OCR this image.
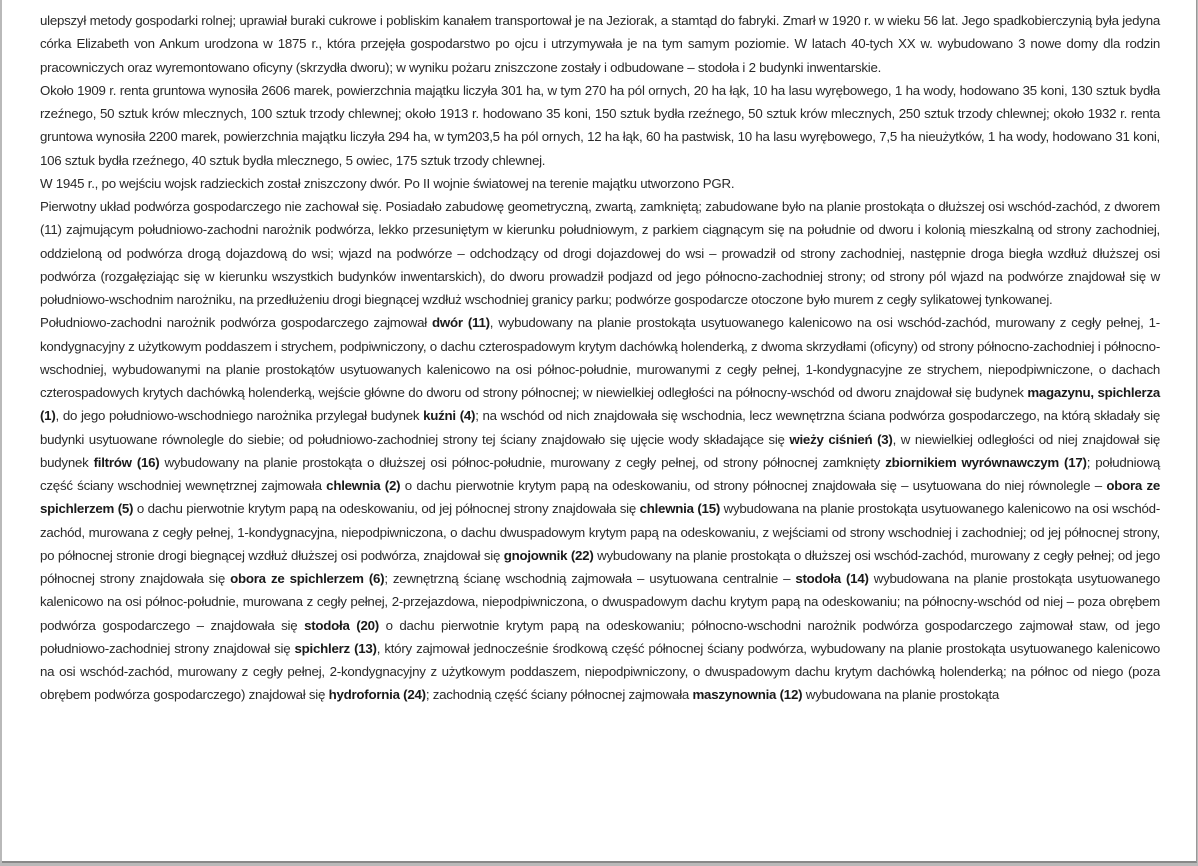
ulepszył metody gospodarki rolnej; uprawiał buraki cukrowe i pobliskim kanałem transportował je na Jeziorak, a stamtąd do fabryki. Zmarł w 1920 r. w wieku 56 lat. Jego spadkobierczynią była jedyna córka Elizabeth von Ankum urodzona w 1875 r., która przejęła gospodarstwo po ojcu i utrzymywała je na tym samym poziomie. W latach 40-tych XX w. wybudowano 3 nowe domy dla rodzin pracowniczych oraz wyremontowano oficyny (skrzydła dworu); w wyniku pożaru zniszczone zostały i odbudowane – stodoła i 2 budynki inwentarskie.

Około 1909 r. renta gruntowa wynosiła 2606 marek, powierzchnia majątku liczyła 301 ha, w tym 270 ha pól ornych, 20 ha łąk, 10 ha lasu wyrębowego, 1 ha wody, hodowano 35 koni, 130 sztuk bydła rzeźnego, 50 sztuk krów mlecznych, 100 sztuk trzody chlewnej; około 1913 r. hodowano 35 koni, 150 sztuk bydła rzeźnego, 50 sztuk krów mlecznych, 250 sztuk trzody chlewnej; około 1932 r. renta gruntowa wynosiła 2200 marek, powierzchnia majątku liczyła 294 ha, w tym203,5 ha pól ornych, 12 ha łąk, 60 ha pastwisk, 10 ha lasu wyrębowego, 7,5 ha nieużytków, 1 ha wody, hodowano 31 koni, 106 sztuk bydła rzeźnego, 40 sztuk bydła mlecznego, 5 owiec, 175 sztuk trzody chlewnej.

W 1945 r., po wejściu wojsk radzieckich został zniszczony dwór. Po II wojnie światowej na terenie majątku utworzono PGR.

Pierwotny układ podwórza gospodarczego nie zachował się. Posiadało zabudowę geometryczną, zwartą, zamkniętą; zabudowane było na planie prostokąta o dłuższej osi wschód-zachód, z dworem (11) zajmującym południowo-zachodni narożnik podwórza, lekko przesuniętym w kierunku południowym, z parkiem ciągnącym się na południe od dworu i kolonią mieszkalną od strony zachodniej, oddzieloną od podwórza drogą dojazdową do wsi; wjazd na podwórze – odchodzący od drogi dojazdowej do wsi – prowadził od strony zachodniej, następnie droga biegła wzdłuż dłuższej osi podwórza (rozgałęziając się w kierunku wszystkich budynków inwentarskich), do dworu prowadził podjazd od jego północno-zachodniej strony; od strony pól wjazd na podwórze znajdował się w południowo-wschodnim narożniku, na przedłużeniu drogi biegnącej wzdłuż wschodniej granicy parku; podwórze gospodarcze otoczone było murem z cegły sylikatowej tynkowanej.

Południowo-zachodni narożnik podwórza gospodarczego zajmował dwór (11), wybudowany na planie prostokąta usytuowanego kalenicowo na osi wschód-zachód, murowany z cegły pełnej, 1-kondygnacyjny z użytkowym poddaszem i strychem, podpiwniczony, o dachu czterospadowym krytym dachówką holenderką, z dwoma skrzydłami (oficyny) od strony północno-zachodniej i północno-wschodniej, wybudowanymi na planie prostokątów usytuowanych kalenicowo na osi północ-południe, murowanymi z cegły pełnej, 1-kondygnacyjne ze strychem, niepodpiwniczone, o dachach czterospadowych krytych dachówką holenderką, wejście główne do dworu od strony północnej; w niewielkiej odległości na północny-wschód od dworu znajdował się budynek magazynu, spichlerza (1), do jego południowo-wschodniego narożnika przylegał budynek kuźni (4); na wschód od nich znajdowała się wschodnia, lecz wewnętrzna ściana podwórza gospodarczego, na którą składały się budynki usytuowane równolegle do siebie; od południowo-zachodniej strony tej ściany znajdowało się ujęcie wody składające się wieży ciśnień (3), w niewielkiej odległości od niej znajdował się budynek filtrów (16) wybudowany na planie prostokąta o dłuższej osi północ-południe, murowany z cegły pełnej, od strony północnej zamknięty zbiornikiem wyrównawczym (17); południową część ściany wschodniej wewnętrznej zajmowała chlewnia (2) o dachu pierwotnie krytym papą na odeskowaniu, od strony północnej znajdowała się – usytuowana do niej równolegle – obora ze spichlerzem (5) o dachu pierwotnie krytym papą na odeskowaniu, od jej północnej strony znajdowała się chlewnia (15) wybudowana na planie prostokąta usytuowanego kalenicowo na osi wschód-zachód, murowana z cegły pełnej, 1-kondygnacyjna, niepodpiwniczona, o dachu dwuspadowym krytym papą na odeskowaniu, z wejściami od strony wschodniej i zachodniej; od jej północnej strony, po północnej stronie drogi biegnącej wzdłuż dłuższej osi podwórza, znajdował się gnojownik (22) wybudowany na planie prostokąta o dłuższej osi wschód-zachód, murowany z cegły pełnej; od jego północnej strony znajdowała się obora ze spichlerzem (6); zewnętrzną ścianę wschodnią zajmowała – usytuowana centralnie – stodoła (14) wybudowana na planie prostokąta usytuowanego kalenicowo na osi północ-południe, murowana z cegły pełnej, 2-przejazdowa, niepodpiwniczona, o dwuspadowym dachu krytym papą na odeskowaniu; na północny-wschód od niej – poza obrębem podwórza gospodarczego – znajdowała się stodoła (20) o dachu pierwotnie krytym papą na odeskowaniu; północno-wschodni narożnik podwórza gospodarczego zajmował staw, od jego południowo-zachodniej strony znajdował się spichlerz (13), który zajmował jednocześnie środkową część północnej ściany podwórza, wybudowany na planie prostokąta usytuowanego kalenicowo na osi wschód-zachód, murowany z cegły pełnej, 2-kondygnacyjny z użytkowym poddaszem, niepodpiwniczony, o dwuspadowym dachu krytym dachówką holenderką; na północ od niego (poza obrębem podwórza gospodarczego) znajdował się hydrofornia (24); zachodnią część ściany północnej zajmowała maszynownia (12) wybudowana na planie prostokąta
